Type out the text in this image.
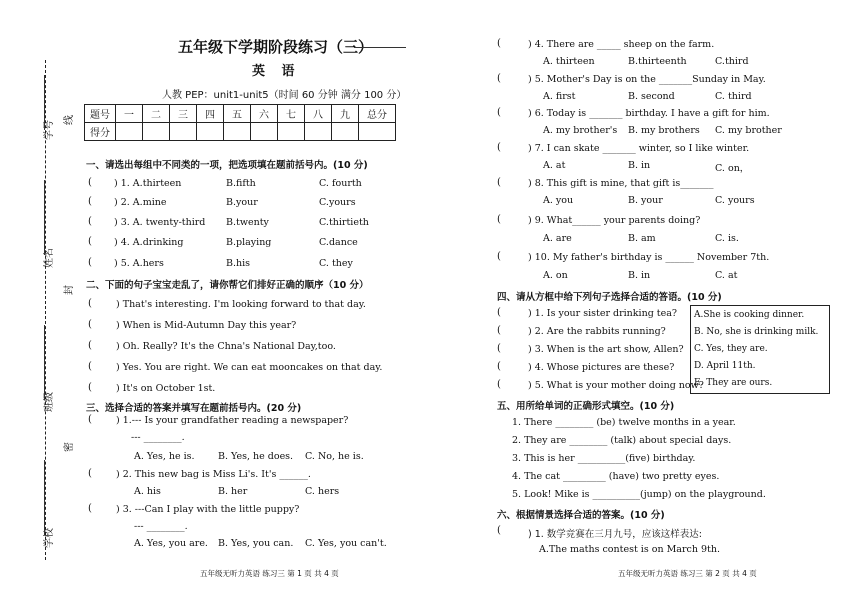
学号
姓名
班级
学校
线
封
密
五年级下学期阶段练习（三）
英 语
人教 PEP：unit1-unit5（时间 60 分钟 满分 100 分）
题号	一	二	三	四	五	六	七	八	九	总分
得分										
一、请选出每组中不同类的一项，把选项填在题前括号内。(10 分)
( ) 1. A.thirteen	B.fifth	C. fourth
( ) 2. A.mine	B.your	C.yours
( ) 3. A. twenty-third B.twenty	C.thirtieth
( ) 4. A.drinking	B.playing	C.dance
( ) 5. A.hers	B.his	C. they
二、下面的句子宝宝走乱了，请你帮它们排好正确的顺序（10 分）
(	) That's interesting. I'm looking forward to that day.
(	) When is Mid-Autumn Day this year?
(	) Oh. Really? It's the Chna's National Day,too.
(	) Yes. You are right. We can eat mooncakes on that day.
(	) It's on October 1st.
三、选择合适的答案并填写在题前括号内。(20 分)
(	) 1.--- Is your grandfather reading a newspaper?
--- ________.
A. Yes, he is. B. Yes, he does. C. No, he is.
(	) 2. This new bag is Miss Li's. It's ______.
A. his	B. her	C. hers
(	) 3. ---Can I play with the little puppy?
--- ________.
A. Yes, you are. B. Yes, you can. C. Yes, you can't.
五年级无听力英语 练习三 第 1 页 共 4 页
(	) 4. There are _____ sheep on the farm.
A. thirteen	B.thirteenth	C.third
(	) 5. Mother's Day is on the _______Sunday in May.
A. first	B. second	C. third
(	) 6. Today is _______ birthday. I have a gift for him.
A. my brother's B. my brothers C. my brother
(	) 7. I can skate _______ winter, so I like winter.
A. at	B. in	C. on，
(	) 8. This gift is mine, that gift is_______
A. you	B. your	C. yours
(	) 9. What______ your parents doing?
A. are	B. am	C. is.
(	) 10. My father's birthday is ______ November 7th.
A. on	B. in	C. at
四、请从方框中给下列句子选择合适的答语。(10 分)
(	) 1. Is your sister drinking tea?
(	) 2. Are the rabbits running?
(	) 3. When is the art show, Allen?
(	) 4. Whose pictures are these?
(	) 5. What is your mother doing now?
A.She is cooking dinner.
B. No, she is drinking milk.
C. Yes, they are.
D. April 11th.
E. They are ours.
五、用所给单词的正确形式填空。(10 分)
1. There ________ (be) twelve months in a year.
2. They are ________ (talk) about special days.
3. This is her __________(five) birthday.
4. The cat _________ (have) two pretty eyes.
5. Look! Mike is __________(jump) on the playground.
六、根据情景选择合适的答案。(10 分)
(	) 1. 数学竞赛在三月九号，应该这样表达:
A.The maths contest is on March 9th.
五年级无听力英语 练习三 第 2 页 共 4 页
